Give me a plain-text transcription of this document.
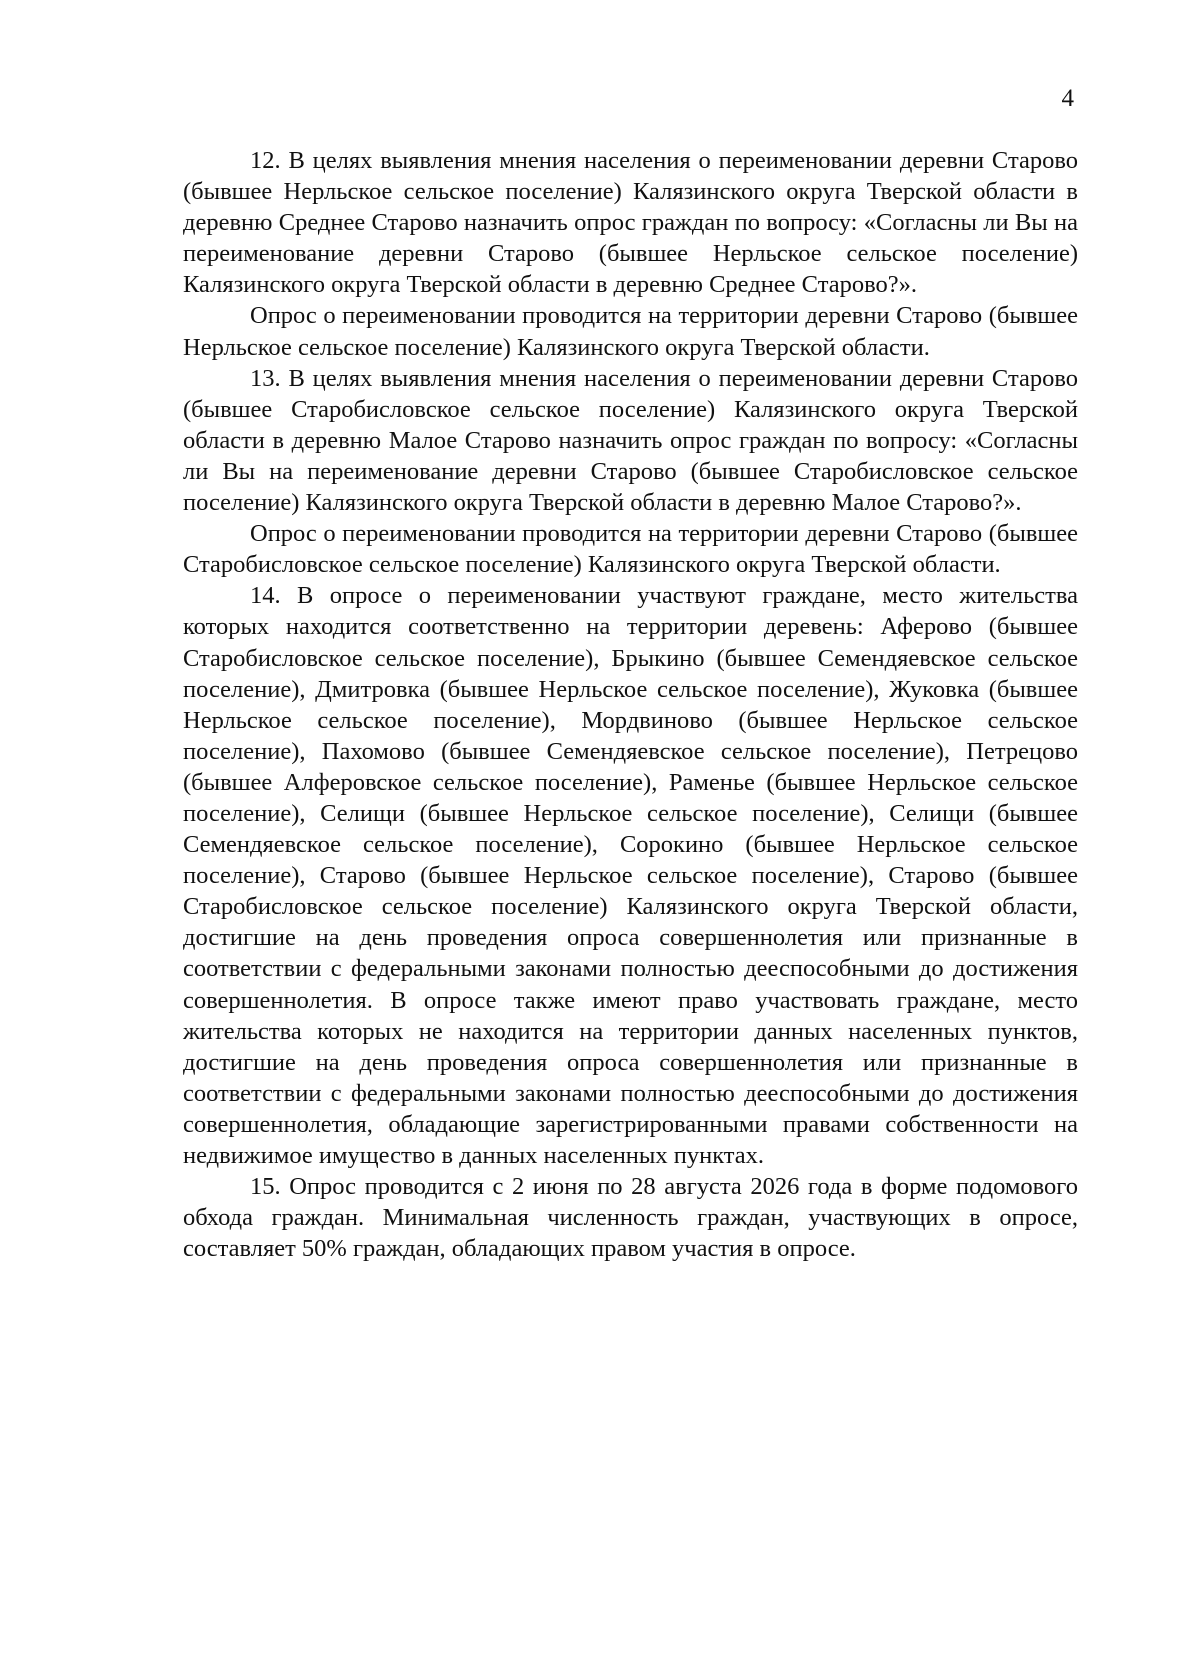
4

12. В целях выявления мнения населения о переименовании деревни Старово (бывшее Нерльское сельское поселение) Калязинского округа Тверской области в деревню Среднее Старово назначить опрос граждан по вопросу: «Согласны ли Вы на переименование деревни Старово (бывшее Нерльское сельское поселение) Калязинского округа Тверской области в деревню Среднее Старово?».

Опрос о переименовании проводится на территории деревни Старово (бывшее Нерльское сельское поселение) Калязинского округа Тверской области.

13. В целях выявления мнения населения о переименовании деревни Старово (бывшее Старобисловское сельское поселение) Калязинского округа Тверской области в деревню Малое Старово назначить опрос граждан по вопросу: «Согласны ли Вы на переименование деревни Старово (бывшее Старобисловское сельское поселение) Калязинского округа Тверской области в деревню Малое Старово?».

Опрос о переименовании проводится на территории деревни Старово (бывшее Старобисловское сельское поселение) Калязинского округа Тверской области.

14. В опросе о переименовании участвуют граждане, место жительства которых находится соответственно на территории деревень: Аферово (бывшее Старобисловское сельское поселение), Брыкино (бывшее Семендяевское сельское поселение), Дмитровка (бывшее Нерльское сельское поселение), Жуковка (бывшее Нерльское сельское поселение), Мордвиново (бывшее Нерльское сельское поселение), Пахомово (бывшее Семендяевское сельское поселение), Петрецово (бывшее Алферовское сельское поселение), Раменье (бывшее Нерльское сельское поселение), Селищи (бывшее Нерльское сельское поселение), Селищи (бывшее Семендяевское сельское поселение), Сорокино (бывшее Нерльское сельское поселение), Старово (бывшее Нерльское сельское поселение), Старово (бывшее Старобисловское сельское поселение) Калязинского округа Тверской области, достигшие на день проведения опроса совершеннолетия или признанные в соответствии с федеральными законами полностью дееспособными до достижения совершеннолетия. В опросе также имеют право участвовать граждане, место жительства которых не находится на территории данных населенных пунктов, достигшие на день проведения опроса совершеннолетия или признанные в соответствии с федеральными законами полностью дееспособными до достижения совершеннолетия, обладающие зарегистрированными правами собственности на недвижимое имущество в данных населенных пунктах.

15. Опрос проводится с 2 июня по 28 августа 2026 года в форме подомового обхода граждан. Минимальная численность граждан, участвующих в опросе, составляет 50% граждан, обладающих правом участия в опросе.
